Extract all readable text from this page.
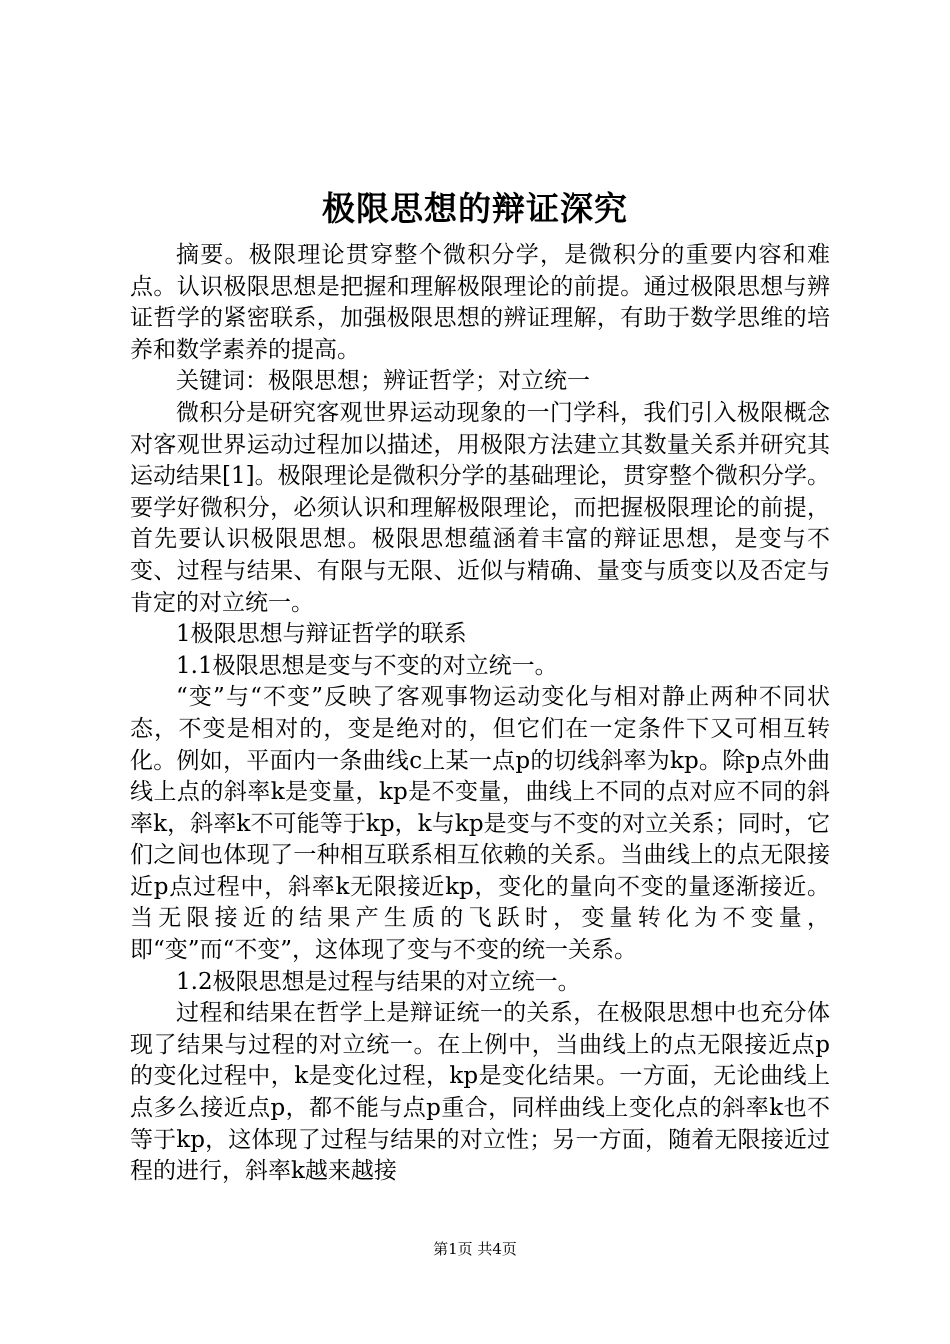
极限思想的辩证深究

摘要。极限理论贯穿整个微积分学，是微积分的重要内容和难点。认识极限思想是把握和理解极限理论的前提。通过极限思想与辨证哲学的紧密联系，加强极限思想的辨证理解，有助于数学思维的培养和数学素养的提高。

关键词：极限思想；辨证哲学；对立统一

微积分是研究客观世界运动现象的一门学科，我们引入极限概念对客观世界运动过程加以描述，用极限方法建立其数量关系并研究其运动结果[1]。极限理论是微积分学的基础理论，贯穿整个微积分学。要学好微积分，必须认识和理解极限理论，而把握极限理论的前提，首先要认识极限思想。极限思想蕴涵着丰富的辩证思想，是变与不变、过程与结果、有限与无限、近似与精确、量变与质变以及否定与肯定的对立统一。

1极限思想与辩证哲学的联系

1.1极限思想是变与不变的对立统一。

“变”与“不变”反映了客观事物运动变化与相对静止两种不同状态，不变是相对的，变是绝对的，但它们在一定条件下又可相互转化。例如，平面内一条曲线c上某一点p的切线斜率为kp。除p点外曲线上点的斜率k是变量，kp是不变量，曲线上不同的点对应不同的斜率k，斜率k不可能等于kp，k与kp是变与不变的对立关系；同时，它们之间也体现了一种相互联系相互依赖的关系。当曲线上的点无限接近p点过程中，斜率k无限接近kp，变化的量向不变的量逐渐接近。当无限接近的结果产生质的飞跃时，变量转化为不变量，即“变”而“不变”，这体现了变与不变的统一关系。

1.2极限思想是过程与结果的对立统一。

过程和结果在哲学上是辩证统一的关系，在极限思想中也充分体现了结果与过程的对立统一。在上例中，当曲线上的点无限接近点p的变化过程中，k是变化过程，kp是变化结果。一方面，无论曲线上点多么接近点p，都不能与点p重合，同样曲线上变化点的斜率k也不等于kp，这体现了过程与结果的对立性；另一方面，随着无限接近过程的进行，斜率k越来越接

第1页 共4页
